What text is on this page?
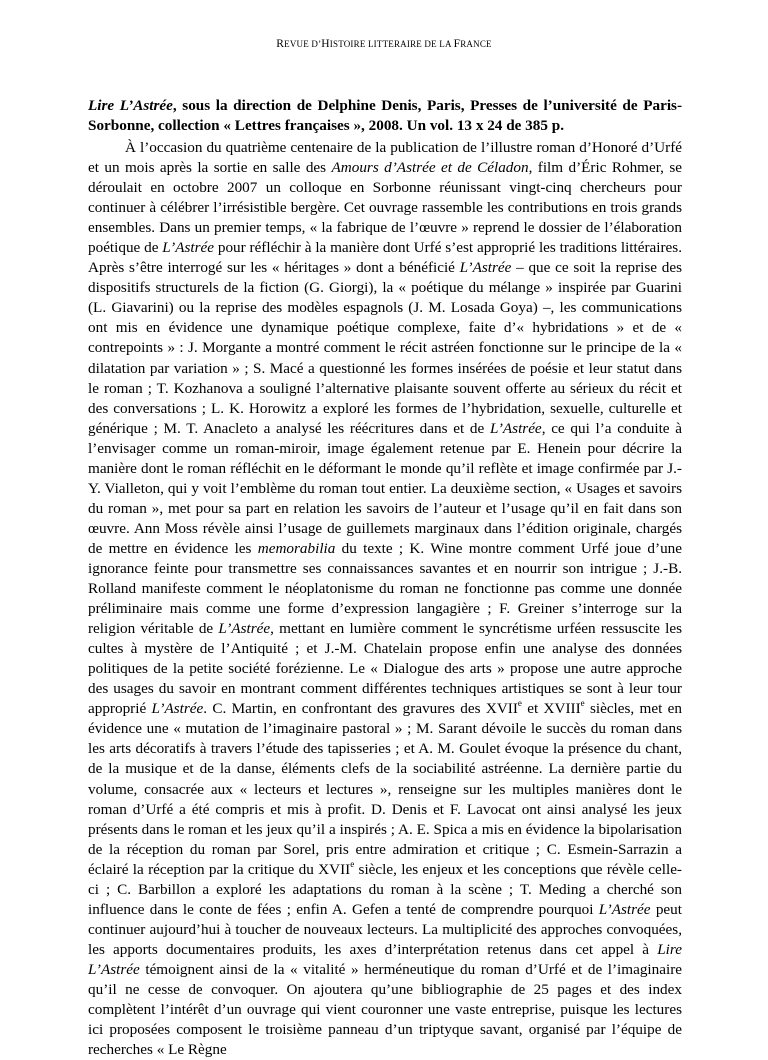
REVUE D’HISTOIRE LITTERAIRE DE LA FRANCE
Lire L’Astrée, sous la direction de Delphine Denis, Paris, Presses de l’université de Paris-Sorbonne, collection « Lettres françaises », 2008. Un vol. 13 x 24 de 385 p.

À l’occasion du quatrième centenaire de la publication de l’illustre roman d’Honoré d’Urfé et un mois après la sortie en salle des Amours d’Astrée et de Céladon, film d’Éric Rohmer, se déroulait en octobre 2007 un colloque en Sorbonne réunissant vingt-cinq chercheurs pour continuer à célébrer l’irrésistible bergère. Cet ouvrage rassemble les contributions en trois grands ensembles. Dans un premier temps, « la fabrique de l’œuvre » reprend le dossier de l’élaboration poétique de L’Astrée pour réfléchir à la manière dont Urfé s’est approprié les traditions littéraires. Après s’être interrogé sur les « héritages » dont a bénéficié L’Astrée – que ce soit la reprise des dispositifs structurels de la fiction (G. Giorgi), la « poétique du mélange » inspirée par Guarini (L. Giavarini) ou la reprise des modèles espagnols (J. M. Losada Goya) –, les communications ont mis en évidence une dynamique poétique complexe, faite d’« hybridations » et de « contrepoints » : J. Morgante a montré comment le récit astréen fonctionne sur le principe de la « dilatation par variation » ; S. Macé a questionné les formes insérées de poésie et leur statut dans le roman ; T. Kozhanova a souligné l’alternative plaisante souvent offerte au sérieux du récit et des conversations ; L. K. Horowitz a exploré les formes de l’hybridation, sexuelle, culturelle et générique ; M. T. Anacleto a analysé les réécritures dans et de L’Astrée, ce qui l’a conduite à l’envisager comme un roman-miroir, image également retenue par E. Henein pour décrire la manière dont le roman réfléchit en le déformant le monde qu’il reflète et image confirmée par J.-Y. Vialleton, qui y voit l’emblème du roman tout entier. La deuxième section, « Usages et savoirs du roman », met pour sa part en relation les savoirs de l’auteur et l’usage qu’il en fait dans son œuvre. Ann Moss révèle ainsi l’usage de guillemets marginaux dans l’édition originale, chargés de mettre en évidence les memorabilia du texte ; K. Wine montre comment Urfé joue d’une ignorance feinte pour transmettre ses connaissances savantes et en nourrir son intrigue ; J.-B. Rolland manifeste comment le néoplatonisme du roman ne fonctionne pas comme une donnée préliminaire mais comme une forme d’expression langagière ; F. Greiner s’interroge sur la religion véritable de L’Astrée, mettant en lumière comment le syncrétisme urféen ressuscite les cultes à mystère de l’Antiquité ; et J.-M. Chatelain propose enfin une analyse des données politiques de la petite société forézienne. Le « Dialogue des arts » propose une autre approche des usages du savoir en montrant comment différentes techniques artistiques se sont à leur tour approprié L’Astrée. C. Martin, en confrontant des gravures des XVIIe et XVIIIe siècles, met en évidence une « mutation de l’imaginaire pastoral » ; M. Sarant dévoile le succès du roman dans les arts décoratifs à travers l’étude des tapisseries ; et A. M. Goulet évoque la présence du chant, de la musique et de la danse, éléments clefs de la sociabilité astréenne. La dernière partie du volume, consacrée aux « lecteurs et lectures », renseigne sur les multiples manières dont le roman d’Urfé a été compris et mis à profit. D. Denis et F. Lavocat ont ainsi analysé les jeux présents dans le roman et les jeux qu’il a inspirés ; A. E. Spica a mis en évidence la bipolarisation de la réception du roman par Sorel, pris entre admiration et critique ; C. Esmein-Sarrazin a éclairé la réception par la critique du XVIIe siècle, les enjeux et les conceptions que révèle celle-ci ; C. Barbillon a exploré les adaptations du roman à la scène ; T. Meding a cherché son influence dans le conte de fées ; enfin A. Gefen a tenté de comprendre pourquoi L’Astrée peut continuer aujourd’hui à toucher de nouveaux lecteurs. La multiplicité des approches convoquées, les apports documentaires produits, les axes d’interprétation retenus dans cet appel à Lire L’Astrée témoignent ainsi de la « vitalité » herméneutique du roman d’Urfé et de l’imaginaire qu’il ne cesse de convoquer. On ajoutera qu’une bibliographie de 25 pages et des index complètent l’intérêt d’un ouvrage qui vient couronner une vaste entreprise, puisque les lectures ici proposées composent le troisième panneau d’un triptyque savant, organisé par l’équipe de recherches « Le Règne
